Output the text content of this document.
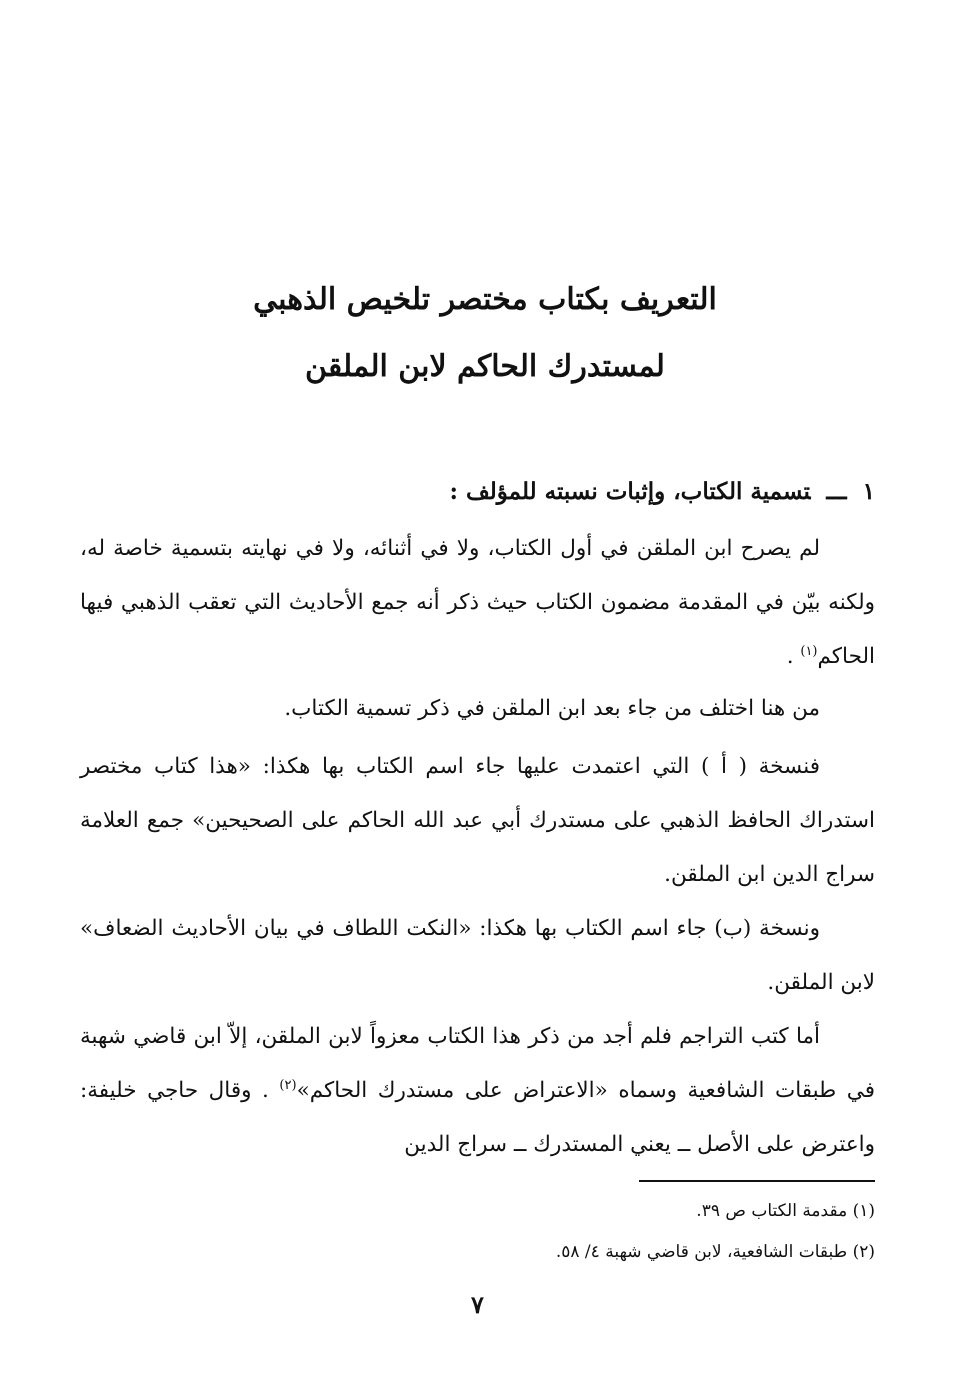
التعريف بكتاب مختصر تلخيص الذهبي
لمستدرك الحاكم لابن الملقن
١ـــتسمية الكتاب، وإثبات نسبته للمؤلف :
لم يصرح ابن الملقن في أول الكتاب، ولا في أثنائه، ولا في نهايته بتسمية خاصة له، ولكنه بيّن في المقدمة مضمون الكتاب حيث ذكر أنه جمع الأحاديث التي تعقب الذهبي فيها الحاكم$^{(١)}$ .
من هنا اختلف من جاء بعد ابن الملقن في ذكر تسمية الكتاب.
فنسخة ( أ ) التي اعتمدت عليها جاء اسم الكتاب بها هكذا: «هذا كتاب مختصر استدراك الحافظ الذهبي على مستدرك أبي عبد الله الحاكم على الصحيحين» جمع العلامة سراج الدين ابن الملقن.
ونسخة (ب) جاء اسم الكتاب بها هكذا: «النكت اللطاف في بيان الأحاديث الضعاف» لابن الملقن.
أما كتب التراجم فلم أجد من ذكر هذا الكتاب معزواً لابن الملقن، إلاّ ابن قاضي شهبة في طبقات الشافعية وسماه «الاعتراض على مستدرك الحاكم»$^{(٢)}$ . وقال حاجي خليفة: واعترض على الأصل ــ يعني المستدرك ــ سراج الدين
(١) مقدمة الكتاب ص ٣٩.
(٢) طبقات الشافعية، لابن قاضي شهبة ٤/ ٥٨.
٧
